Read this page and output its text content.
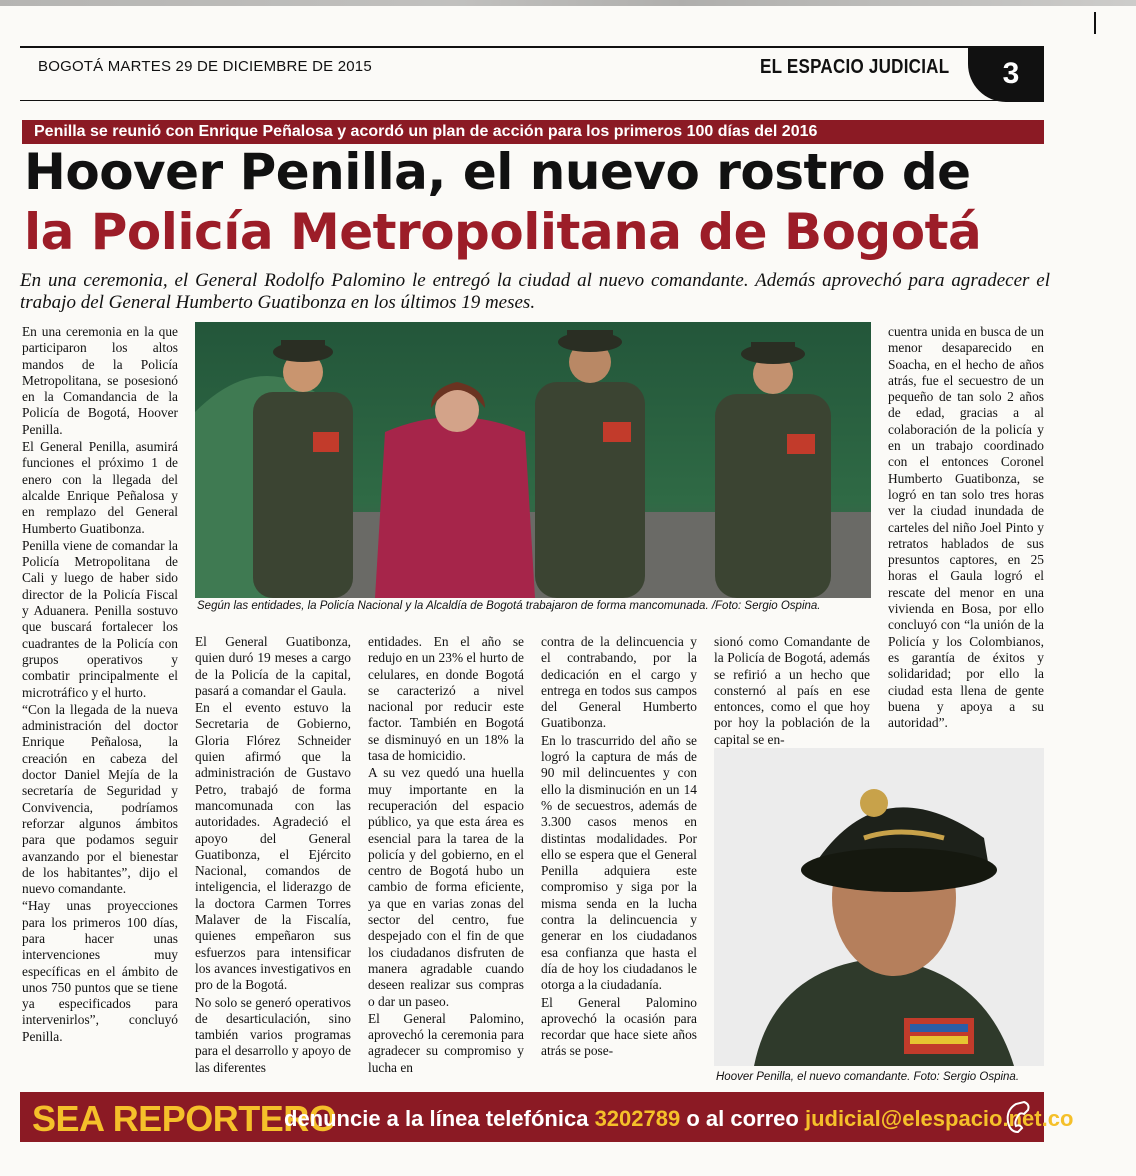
BOGOTÁ MARTES 29 DE DICIEMBRE DE 2015	EL ESPACIO JUDICIAL	3
Penilla se reunió con Enrique Peñalosa y acordó un plan de acción para los primeros 100 días del 2016
Hoover Penilla, el nuevo rostro de
la Policía Metropolitana de Bogotá
En una ceremonia, el General Rodolfo Palomino le entregó la ciudad al nuevo comandante. Además aprovechó para agradecer el trabajo del General Humberto Guatibonza en los últimos 19 meses.

En una ceremonia en la que participaron los altos mandos de la Policía Metropolitana, se posesionó en la Comandancia de la Policía de Bogotá, Hoover Penilla.

El General Penilla, asumirá funciones el próximo 1 de enero con la llegada del alcalde Enrique Peñalosa y en remplazo del General Humberto Guatibonza.

Penilla viene de comandar la Policía Metropolitana de Cali y luego de haber sido director de la Policía Fiscal y Aduanera. Penilla sostuvo que buscará fortalecer los cuadrantes de la Policía con grupos operativos y combatir principalmente el microtráfico y el hurto.

“Con la llegada de la nueva administración del doctor Enrique Peñalosa, la creación en cabeza del doctor Daniel Mejía de la secretaría de Seguridad y Convivencia, podríamos reforzar algunos ámbitos para que podamos seguir avanzando por el bienestar de los habitantes”, dijo el nuevo comandante.

“Hay unas proyecciones para los primeros 100 días, para hacer unas intervenciones muy específicas en el ámbito de unos 750 puntos que se tiene ya especificados para intervenirlos”, concluyó Penilla.

Según las entidades, la Policía Nacional y la Alcaldía de Bogotá trabajaron de forma mancomunada. /Foto: Sergio Ospina.

El General Guatibonza, quien duró 19 meses a cargo de la Policía de la capital, pasará a comandar el Gaula.

En el evento estuvo la Secretaria de Gobierno, Gloria Flórez Schneider quien afirmó que la administración de Gustavo Petro, trabajó de forma mancomunada con las autoridades. Agradeció el apoyo del General Guatibonza, el Ejército Nacional, comandos de inteligencia, el liderazgo de la doctora Carmen Torres Malaver de la Fiscalía, quienes empeñaron sus esfuerzos para intensificar los avances investigativos en pro de la Bogotá.

No solo se generó operativos de desarticulación, sino también varios programas para el desarrollo y apoyo de las diferentes

entidades. En el año se redujo en un 23% el hurto de celulares, en donde Bogotá se caracterizó a nivel nacional por reducir este factor. También en Bogotá se disminuyó en un 18% la tasa de homicidio.

A su vez quedó una huella muy importante en la recuperación del espacio público, ya que esta área es esencial para la tarea de la policía y del gobierno, en el centro de Bogotá hubo un cambio de forma eficiente, ya que en varias zonas del sector del centro, fue despejado con el fin de que los ciudadanos disfruten de manera agradable cuando deseen realizar sus compras o dar un paseo.

El General Palomino, aprovechó la ceremonia para agradecer su compromiso y lucha en

contra de la delincuencia y el contrabando, por la dedicación en el cargo y entrega en todos sus campos del General Humberto Guatibonza.

En lo trascurrido del año se logró la captura de más de 90 mil delincuentes y con ello la disminución en un 14 % de secuestros, además de 3.300 casos menos en distintas modalidades. Por ello se espera que el General Penilla adquiera este compromiso y siga por la misma senda en la lucha contra la delincuencia y generar en los ciudadanos esa confianza que hasta el día de hoy los ciudadanos le otorga a la ciudadanía.

El General Palomino aprovechó la ocasión para recordar que hace siete años atrás se pose-

sionó como Comandante de la Policía de Bogotá, además se refirió a un hecho que consternó al país en ese entonces, como el que hoy por hoy la población de la capital se en-

cuentra unida en busca de un menor desaparecido en Soacha, en el hecho de años atrás, fue el secuestro de un pequeño de tan solo 2 años de edad, gracias a al colaboración de la policía y en un trabajo coordinado con el entonces Coronel Humberto Guatibonza, se logró en tan solo tres horas ver la ciudad inundada de carteles del niño Joel Pinto y retratos hablados de sus presuntos captores, en 25 horas el Gaula logró el rescate del menor en una vivienda en Bosa, por ello concluyó con “la unión de la Policía y los Colombianos, es garantía de éxitos y solidaridad; por ello la ciudad esta llena de gente buena y apoya a su autoridad”.

Hoover Penilla, el nuevo comandante. Foto: Sergio Ospina.
SEA REPORTERO
denuncie a la línea telefónica 3202789 o al correo judicial@elespacio.net.co
